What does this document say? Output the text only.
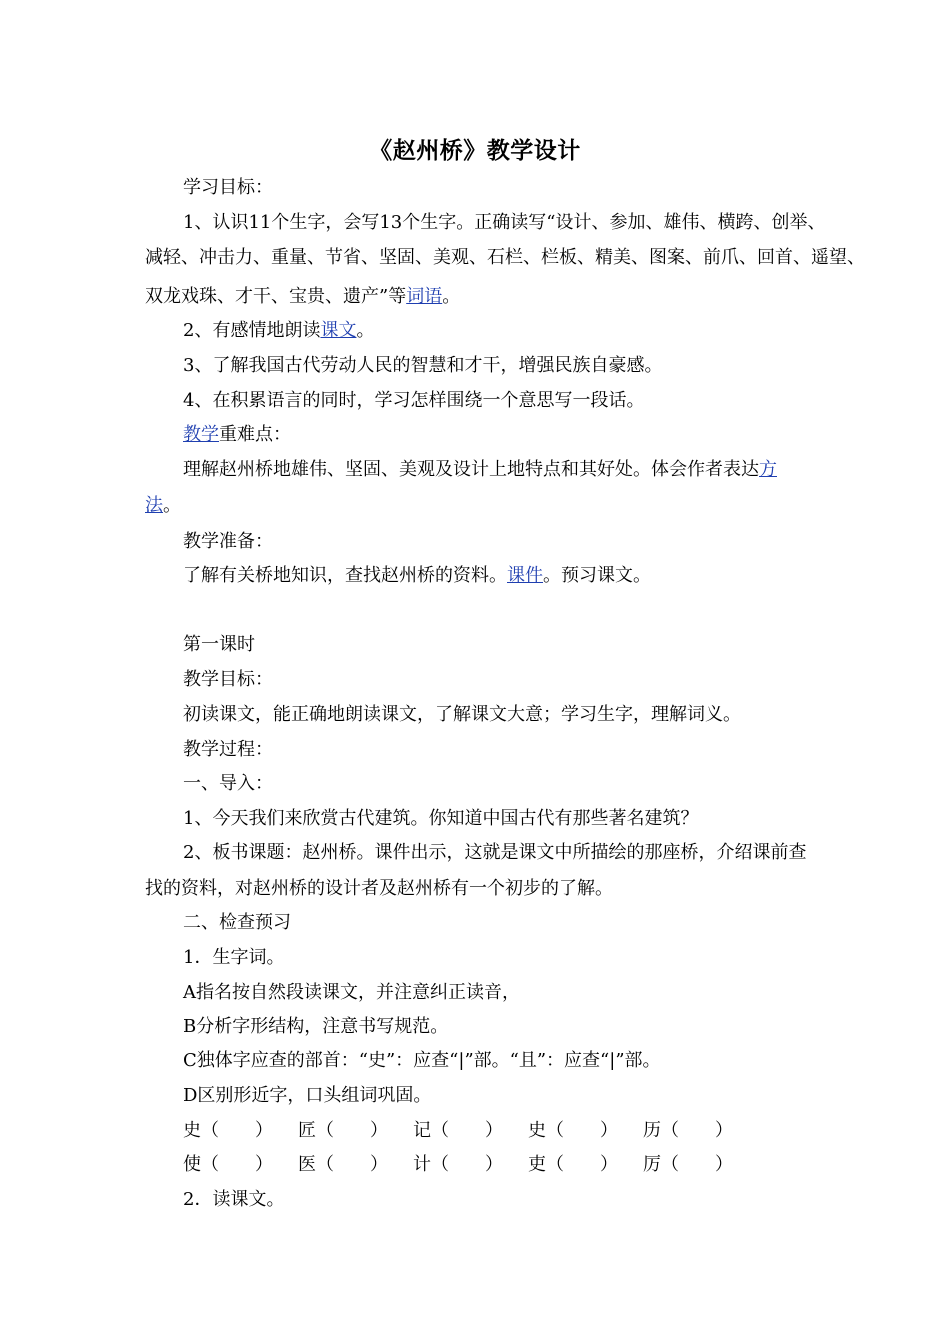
《赵州桥》教学设计
学习目标：
1、认识11个生字，会写13个生字。正确读写“设计、参加、雄伟、横跨、创举、
减轻、冲击力、重量、节省、坚固、美观、石栏、栏板、精美、图案、前爪、回首、遥望、
双龙戏珠、才干、宝贵、遗产”等词语。
2、有感情地朗读课文。
3、了解我国古代劳动人民的智慧和才干，增强民族自豪感。
4、在积累语言的同时，学习怎样围绕一个意思写一段话。
教学重难点：
理解赵州桥地雄伟、坚固、美观及设计上地特点和其好处。体会作者表达方
法。
教学准备：
了解有关桥地知识，查找赵州桥的资料。课件。预习课文。
第一课时
教学目标：
初读课文，能正确地朗读课文，了解课文大意；学习生字，理解词义。
教学过程：
一、导入：
1、今天我们来欣赏古代建筑。你知道中国古代有那些著名建筑？
2、板书课题：赵州桥。课件出示，这就是课文中所描绘的那座桥，介绍课前查
找的资料，对赵州桥的设计者及赵州桥有一个初步的了解。
二、检查预习
1．生字词。
A指名按自然段读课文，并注意纠正读音，
B分析字形结构，注意书写规范。
C独体字应查的部首：“史”：应查“|”部。“且”：应查“|”部。
D区别形近字，口头组词巩固。
史（　　） 匠（　　） 记（　　） 史（　　） 历（　　）
使（　　） 医（　　） 计（　　） 吏（　　） 厉（　　）
2．读课文。
